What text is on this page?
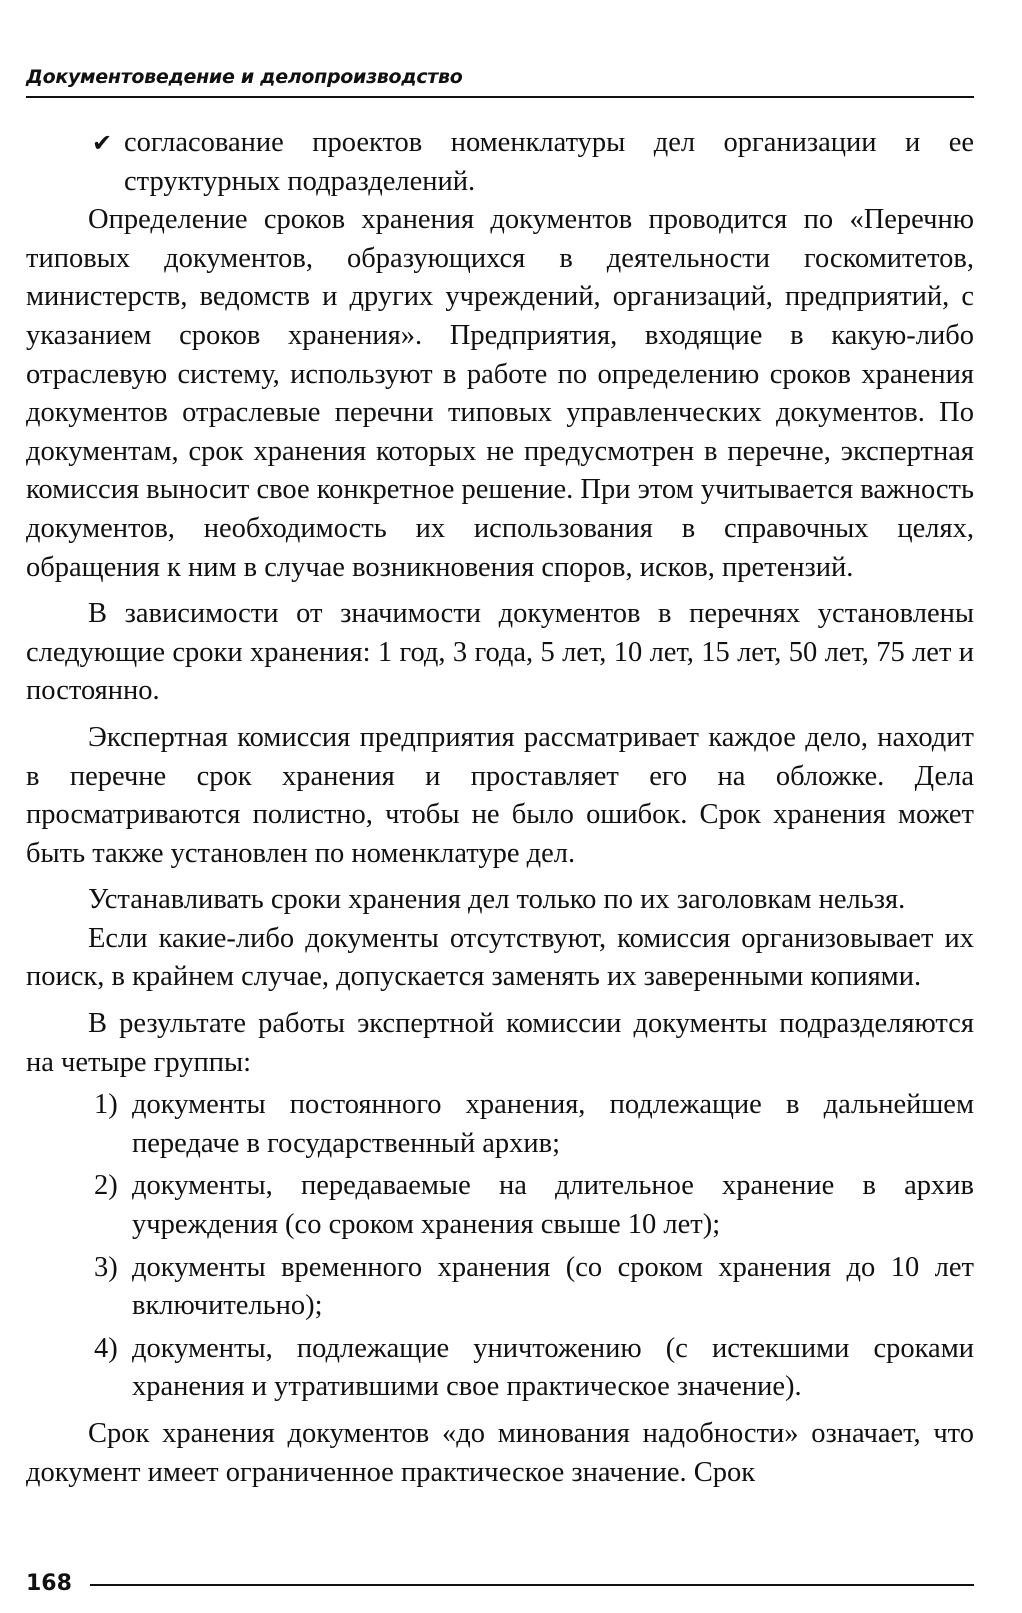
Документоведение и делопроизводство
✔ согласование проектов номенклатуры дел организации и ее структурных подразделений.

Определение сроков хранения документов проводится по «Перечню типовых документов, образующихся в деятельности госкомитетов, министерств, ведомств и других учреждений, организаций, предприятий, с указанием сроков хранения». Предприятия, входящие в какую-либо отраслевую систему, используют в работе по определению сроков хранения документов отраслевые перечни типовых управленческих документов. По документам, срок хранения которых не предусмотрен в перечне, экспертная комиссия выносит свое конкретное решение. При этом учитывается важность документов, необходимость их использования в справочных целях, обращения к ним в случае возникновения споров, исков, претензий.

В зависимости от значимости документов в перечнях установлены следующие сроки хранения: 1 год, 3 года, 5 лет, 10 лет, 15 лет, 50 лет, 75 лет и постоянно.

Экспертная комиссия предприятия рассматривает каждое дело, находит в перечне срок хранения и проставляет его на обложке. Дела просматриваются полистно, чтобы не было ошибок. Срок хранения может быть также установлен по номенклатуре дел.

Устанавливать сроки хранения дел только по их заголовкам нельзя.

Если какие-либо документы отсутствуют, комиссия организовывает их поиск, в крайнем случае, допускается заменять их заверенными копиями.

В результате работы экспертной комиссии документы подразделяются на четыре группы:

1) документы постоянного хранения, подлежащие в дальнейшем передаче в государственный архив;
2) документы, передаваемые на длительное хранение в архив учреждения (со сроком хранения свыше 10 лет);
3) документы временного хранения (со сроком хранения до 10 лет включительно);
4) документы, подлежащие уничтожению (с истекшими сроками хранения и утратившими свое практическое значение).

Срок хранения документов «до минования надобности» означает, что документ имеет ограниченное практическое значение. Срок

168
